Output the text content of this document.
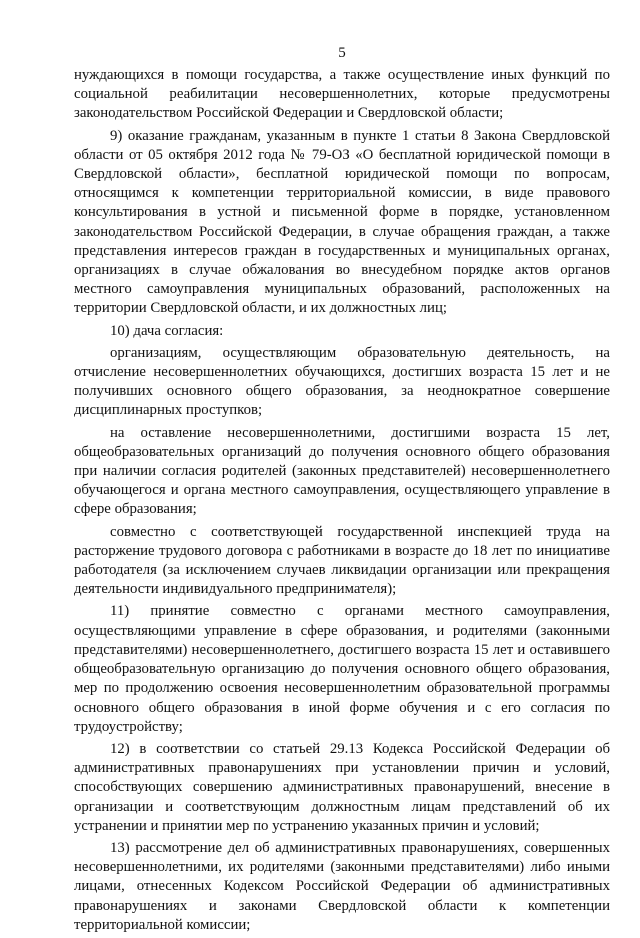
5

нуждающихся в помощи государства, а также осуществление иных функций по социальной реабилитации несовершеннолетних, которые предусмотрены законодательством Российской Федерации и Свердловской области;

9) оказание гражданам, указанным в пункте 1 статьи 8 Закона Свердловской области от 05 октября 2012 года № 79-ОЗ «О бесплатной юридической помощи в Свердловской области», бесплатной юридической помощи по вопросам, относящимся к компетенции территориальной комиссии, в виде правового консультирования в устной и письменной форме в порядке, установленном законодательством Российской Федерации, в случае обращения граждан, а также представления интересов граждан в государственных и муниципальных органах, организациях в случае обжалования во внесудебном порядке актов органов местного самоуправления муниципальных образований, расположенных на территории Свердловской области, и их должностных лиц;

10) дача согласия:

организациям, осуществляющим образовательную деятельность, на отчисление несовершеннолетних обучающихся, достигших возраста 15 лет и не получивших основного общего образования, за неоднократное совершение дисциплинарных проступков;

на оставление несовершеннолетними, достигшими возраста 15 лет, общеобразовательных организаций до получения основного общего образования при наличии согласия родителей (законных представителей) несовершеннолетнего обучающегося и органа местного самоуправления, осуществляющего управление в сфере образования;

совместно с соответствующей государственной инспекцией труда на расторжение трудового договора с работниками в возрасте до 18 лет по инициативе работодателя (за исключением случаев ликвидации организации или прекращения деятельности индивидуального предпринимателя);

11) принятие совместно с органами местного самоуправления, осуществляющими управление в сфере образования, и родителями (законными представителями) несовершеннолетнего, достигшего возраста 15 лет и оставившего общеобразовательную организацию до получения основного общего образования, мер по продолжению освоения несовершеннолетним образовательной программы основного общего образования в иной форме обучения и с его согласия по трудоустройству;

12) в соответствии со статьей 29.13 Кодекса Российской Федерации об административных правонарушениях при установлении причин и условий, способствующих совершению административных правонарушений, внесение в организации и соответствующим должностным лицам представлений об их устранении и принятии мер по устранению указанных причин и условий;

13) рассмотрение дел об административных правонарушениях, совершенных несовершеннолетними, их родителями (законными представителями) либо иными лицами, отнесенных Кодексом Российской Федерации об административных правонарушениях и законами Свердловской области к компетенции территориальной комиссии;
